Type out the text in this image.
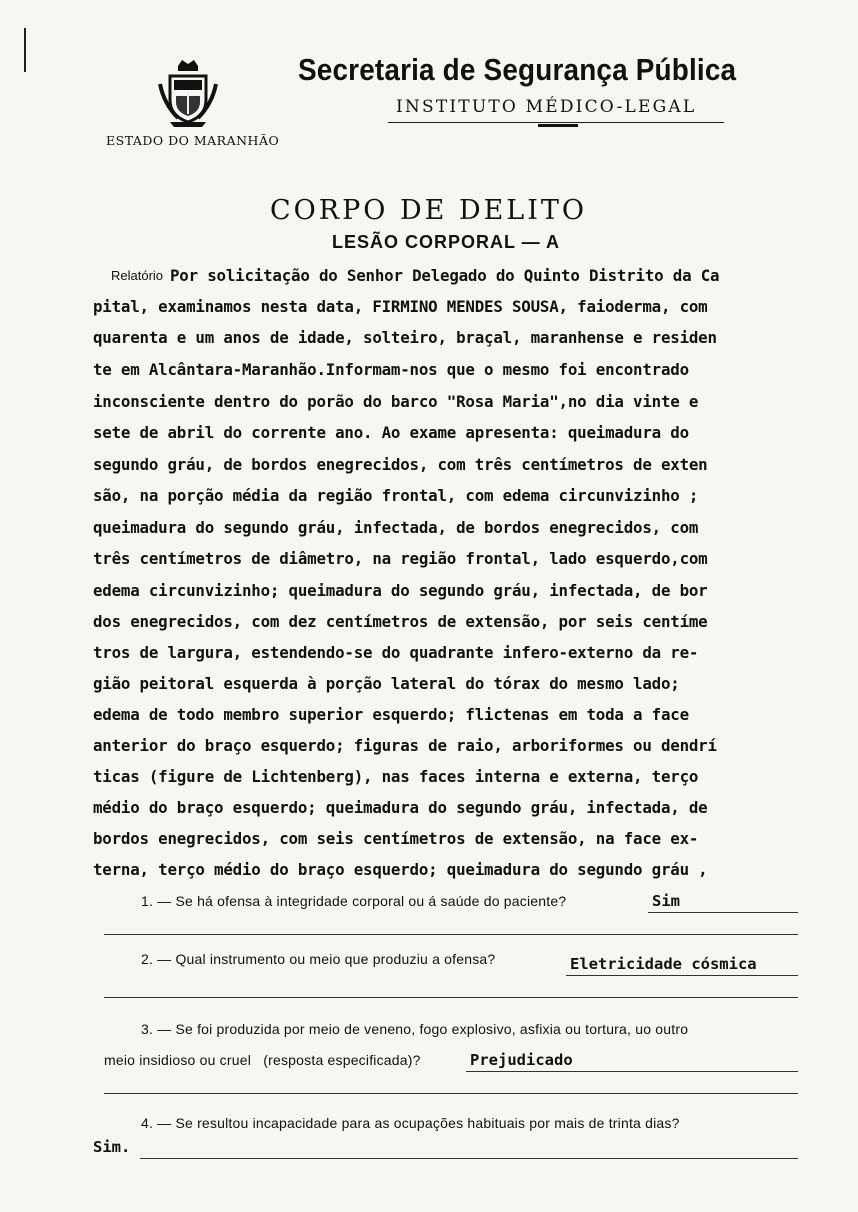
ESTADO DO MARANHÃO
Secretaria de Segurança Pública
INSTITUTO MÉDICO-LEGAL
CORPO DE DELITO
LESÃO CORPORAL — A
Relatório Por solicitação do Senhor Delegado do Quinto Distrito da Ca
pital, examinamos nesta data, FIRMINO MENDES SOUSA, faioderma, com
quarenta e um anos de idade, solteiro, braçal, maranhense e residen
te em Alcântara-Maranhão.Informam-nos que o mesmo foi encontrado
inconsciente dentro do porão do barco "Rosa Maria",no dia vinte e
sete de abril do corrente ano. Ao exame apresenta: queimadura do
segundo gráu, de bordos enegrecidos, com três centímetros de exten
são, na porção média da região frontal, com edema circunvizinho ;
queimadura do segundo gráu, infectada, de bordos enegrecidos, com
três centímetros de diâmetro, na região frontal, lado esquerdo,com
edema circunvizinho; queimadura do segundo gráu, infectada, de bor
dos enegrecidos, com dez centímetros de extensão, por seis centíme
tros de largura, estendendo-se do quadrante infero-externo da re-
gião peitoral esquerda à porção lateral do tórax do mesmo lado;
edema de todo membro superior esquerdo; flictenas em toda a face
anterior do braço esquerdo; figuras de raio, arboriformes ou dendrí
ticas (figure de Lichtenberg), nas faces interna e externa, terço
médio do braço esquerdo; queimadura do segundo gráu, infectada, de
bordos enegrecidos, com seis centímetros de extensão, na face ex-
terna, terço médio do braço esquerdo; queimadura do segundo gráu ,
1. — Se há ofensa à integridade corporal ou á saúde do paciente?	Sim
2. — Qual instrumento ou meio que produziu a ofensa?	Eletricidade cósmica
3. — Se foi produzida por meio de veneno, fogo explosivo, asfixia ou tortura, uo outro
meio insidioso ou cruel   (resposta especificada)?	Prejudicado
4. — Se resultou incapacidade para as ocupações habituais por mais de trinta dias?
Sim.
